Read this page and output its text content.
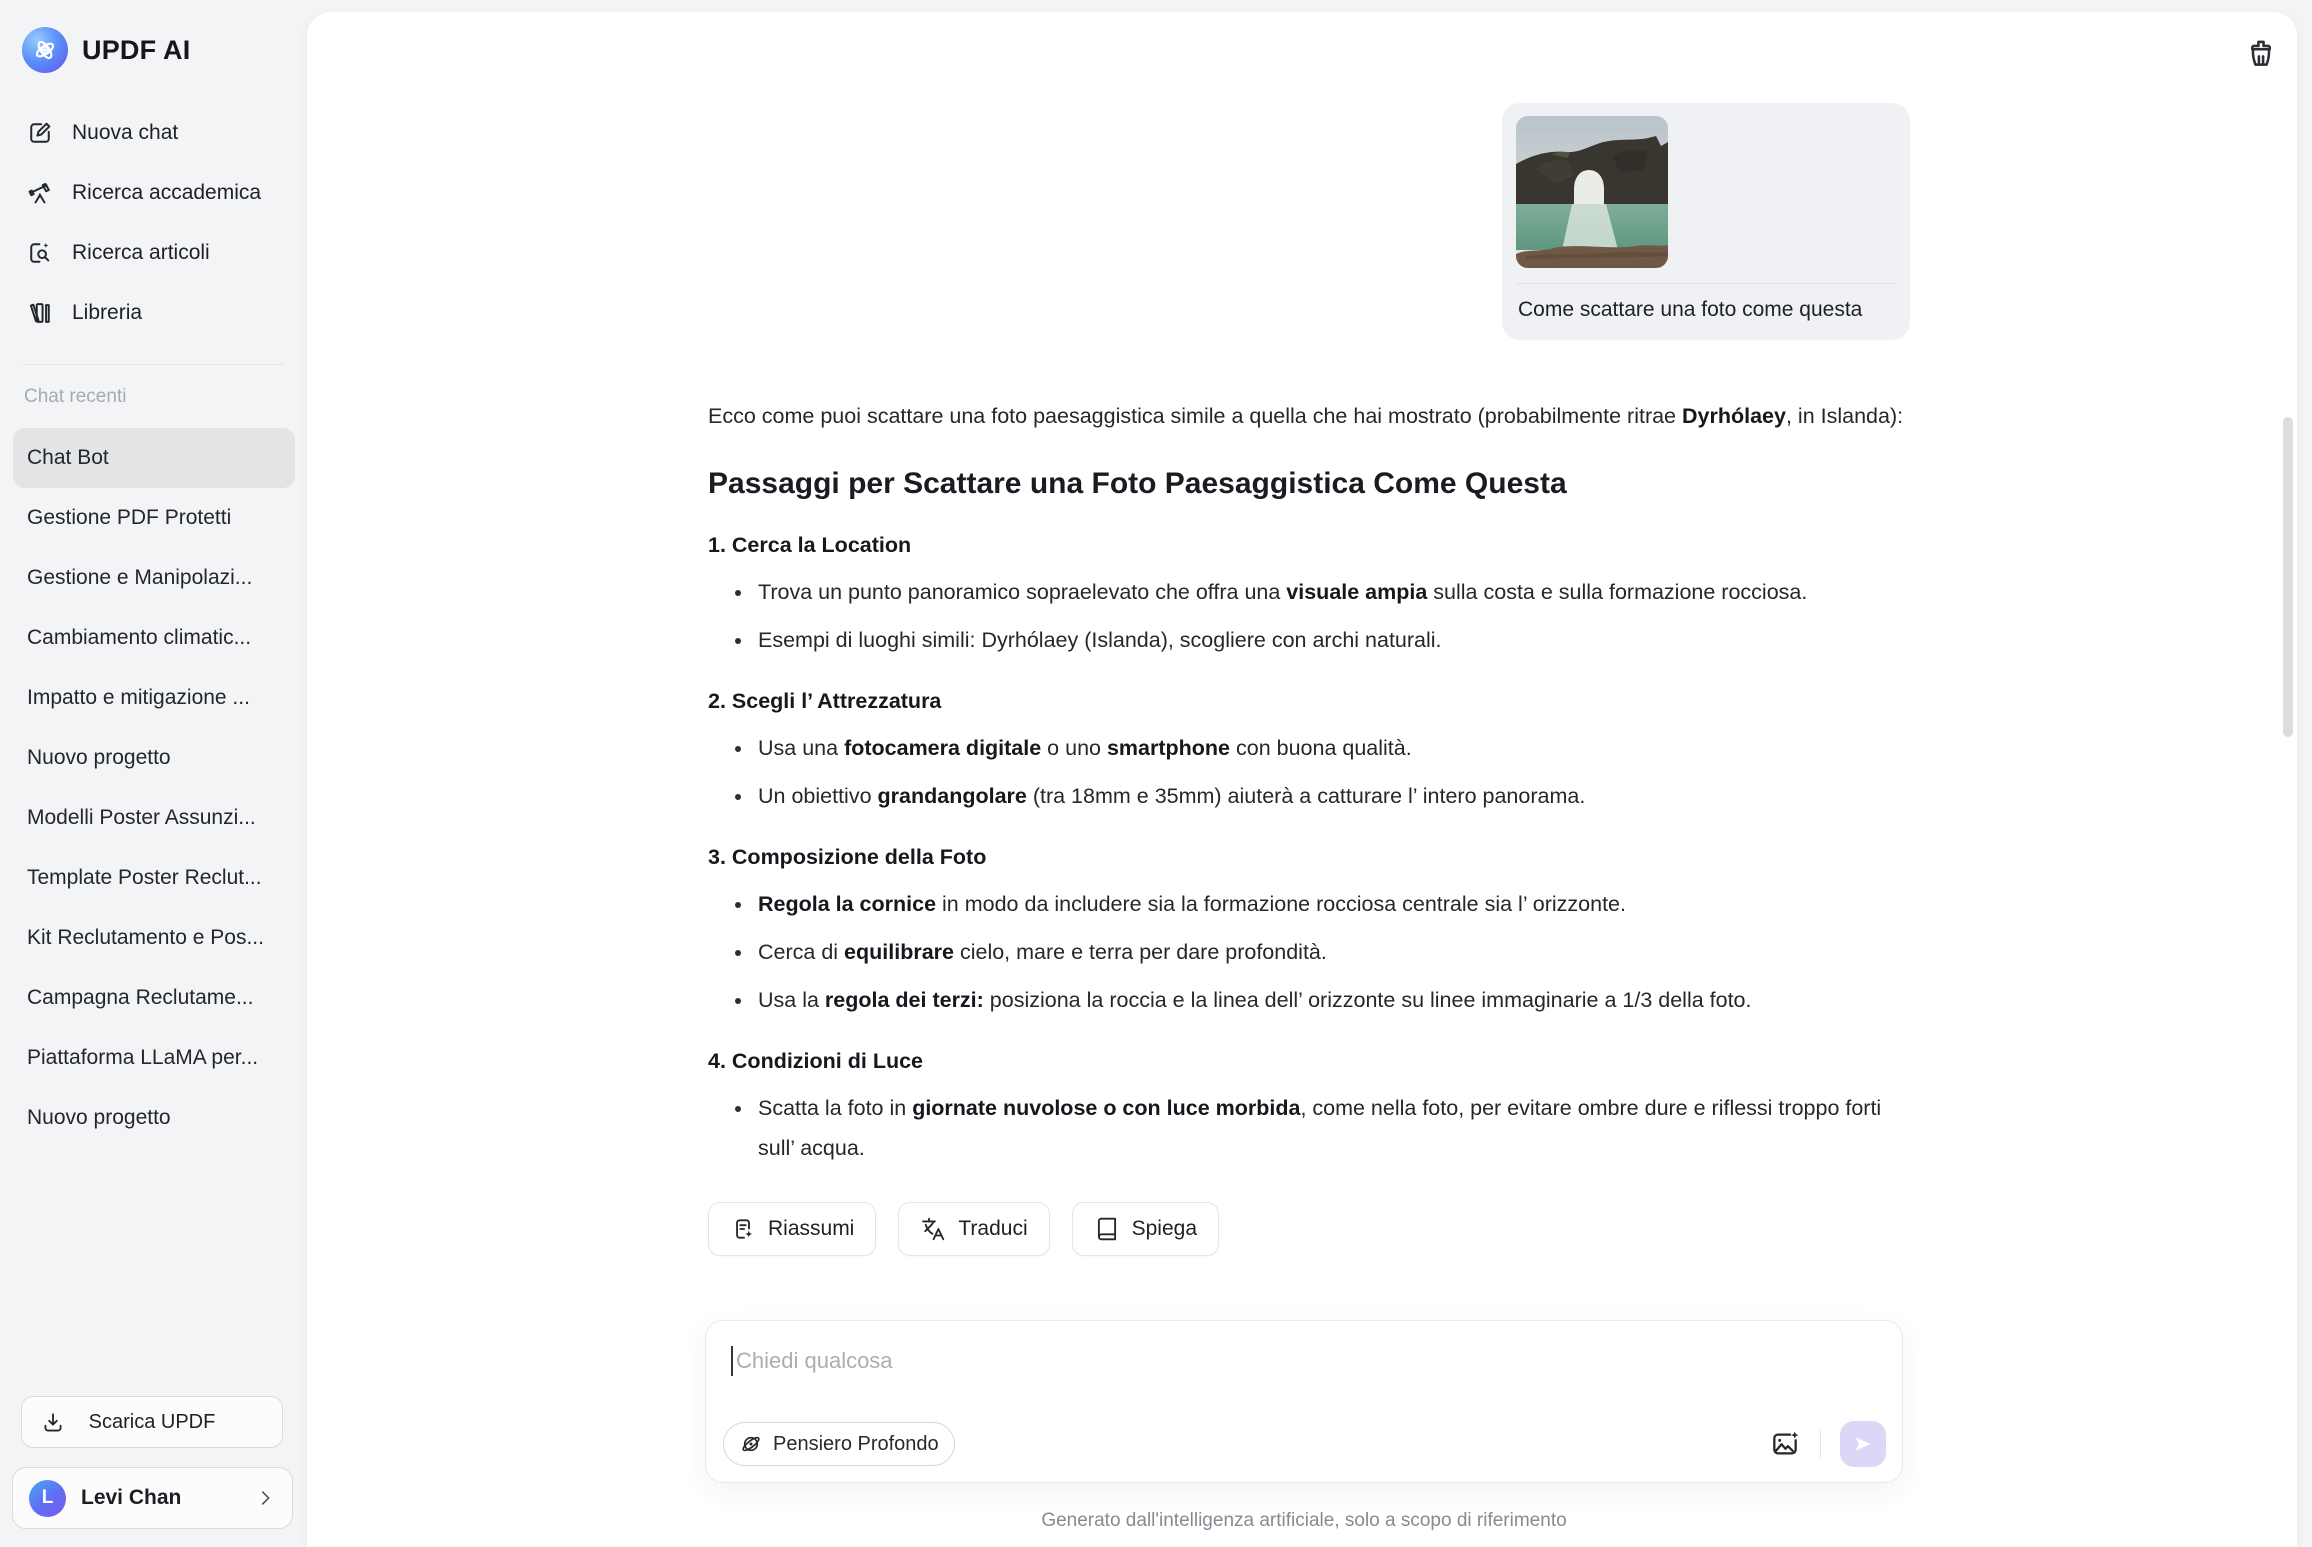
UPDF AI
Nuova chat
Ricerca accademica
Ricerca articoli
Libreria
Chat recenti
Chat Bot
Gestione PDF Protetti
Gestione e Manipolazi...
Cambiamento climatic...
Impatto e mitigazione ...
Nuovo progetto
Modelli Poster Assunzi...
Template Poster Reclut...
Kit Reclutamento e Pos...
Campagna Reclutame...
Piattaforma LLaMA per...
Nuovo progetto
Scarica UPDF
L	Levi Chan
Come scattare una foto come questa

Ecco come puoi scattare una foto paesaggistica simile a quella che hai mostrato (probabilmente ritrae Dyrhólaey, in Islanda):

Passaggi per Scattare una Foto Paesaggistica Come Questa
1. Cerca la Location
• Trova un punto panoramico sopraelevato che offra una visuale ampia sulla costa e sulla formazione rocciosa.
• Esempi di luoghi simili: Dyrhólaey (Islanda), scogliere con archi naturali.
2. Scegli l’ Attrezzatura
• Usa una fotocamera digitale o uno smartphone con buona qualità.
• Un obiettivo grandangolare (tra 18mm e 35mm) aiuterà a catturare l’ intero panorama.
3. Composizione della Foto
• Regola la cornice in modo da includere sia la formazione rocciosa centrale sia l’ orizzonte.
• Cerca di equilibrare cielo, mare e terra per dare profondità.
• Usa la regola dei terzi: posiziona la roccia e la linea dell’ orizzonte su linee immaginarie a 1/3 della foto.
4. Condizioni di Luce
• Scatta la foto in giornate nuvolose o con luce morbida, come nella foto, per evitare ombre dure e riflessi troppo forti sull’ acqua.
Riassumi	Traduci	Spiega
Chiedi qualcosa
Pensiero Profondo
Generato dall'intelligenza artificiale, solo a scopo di riferimento
